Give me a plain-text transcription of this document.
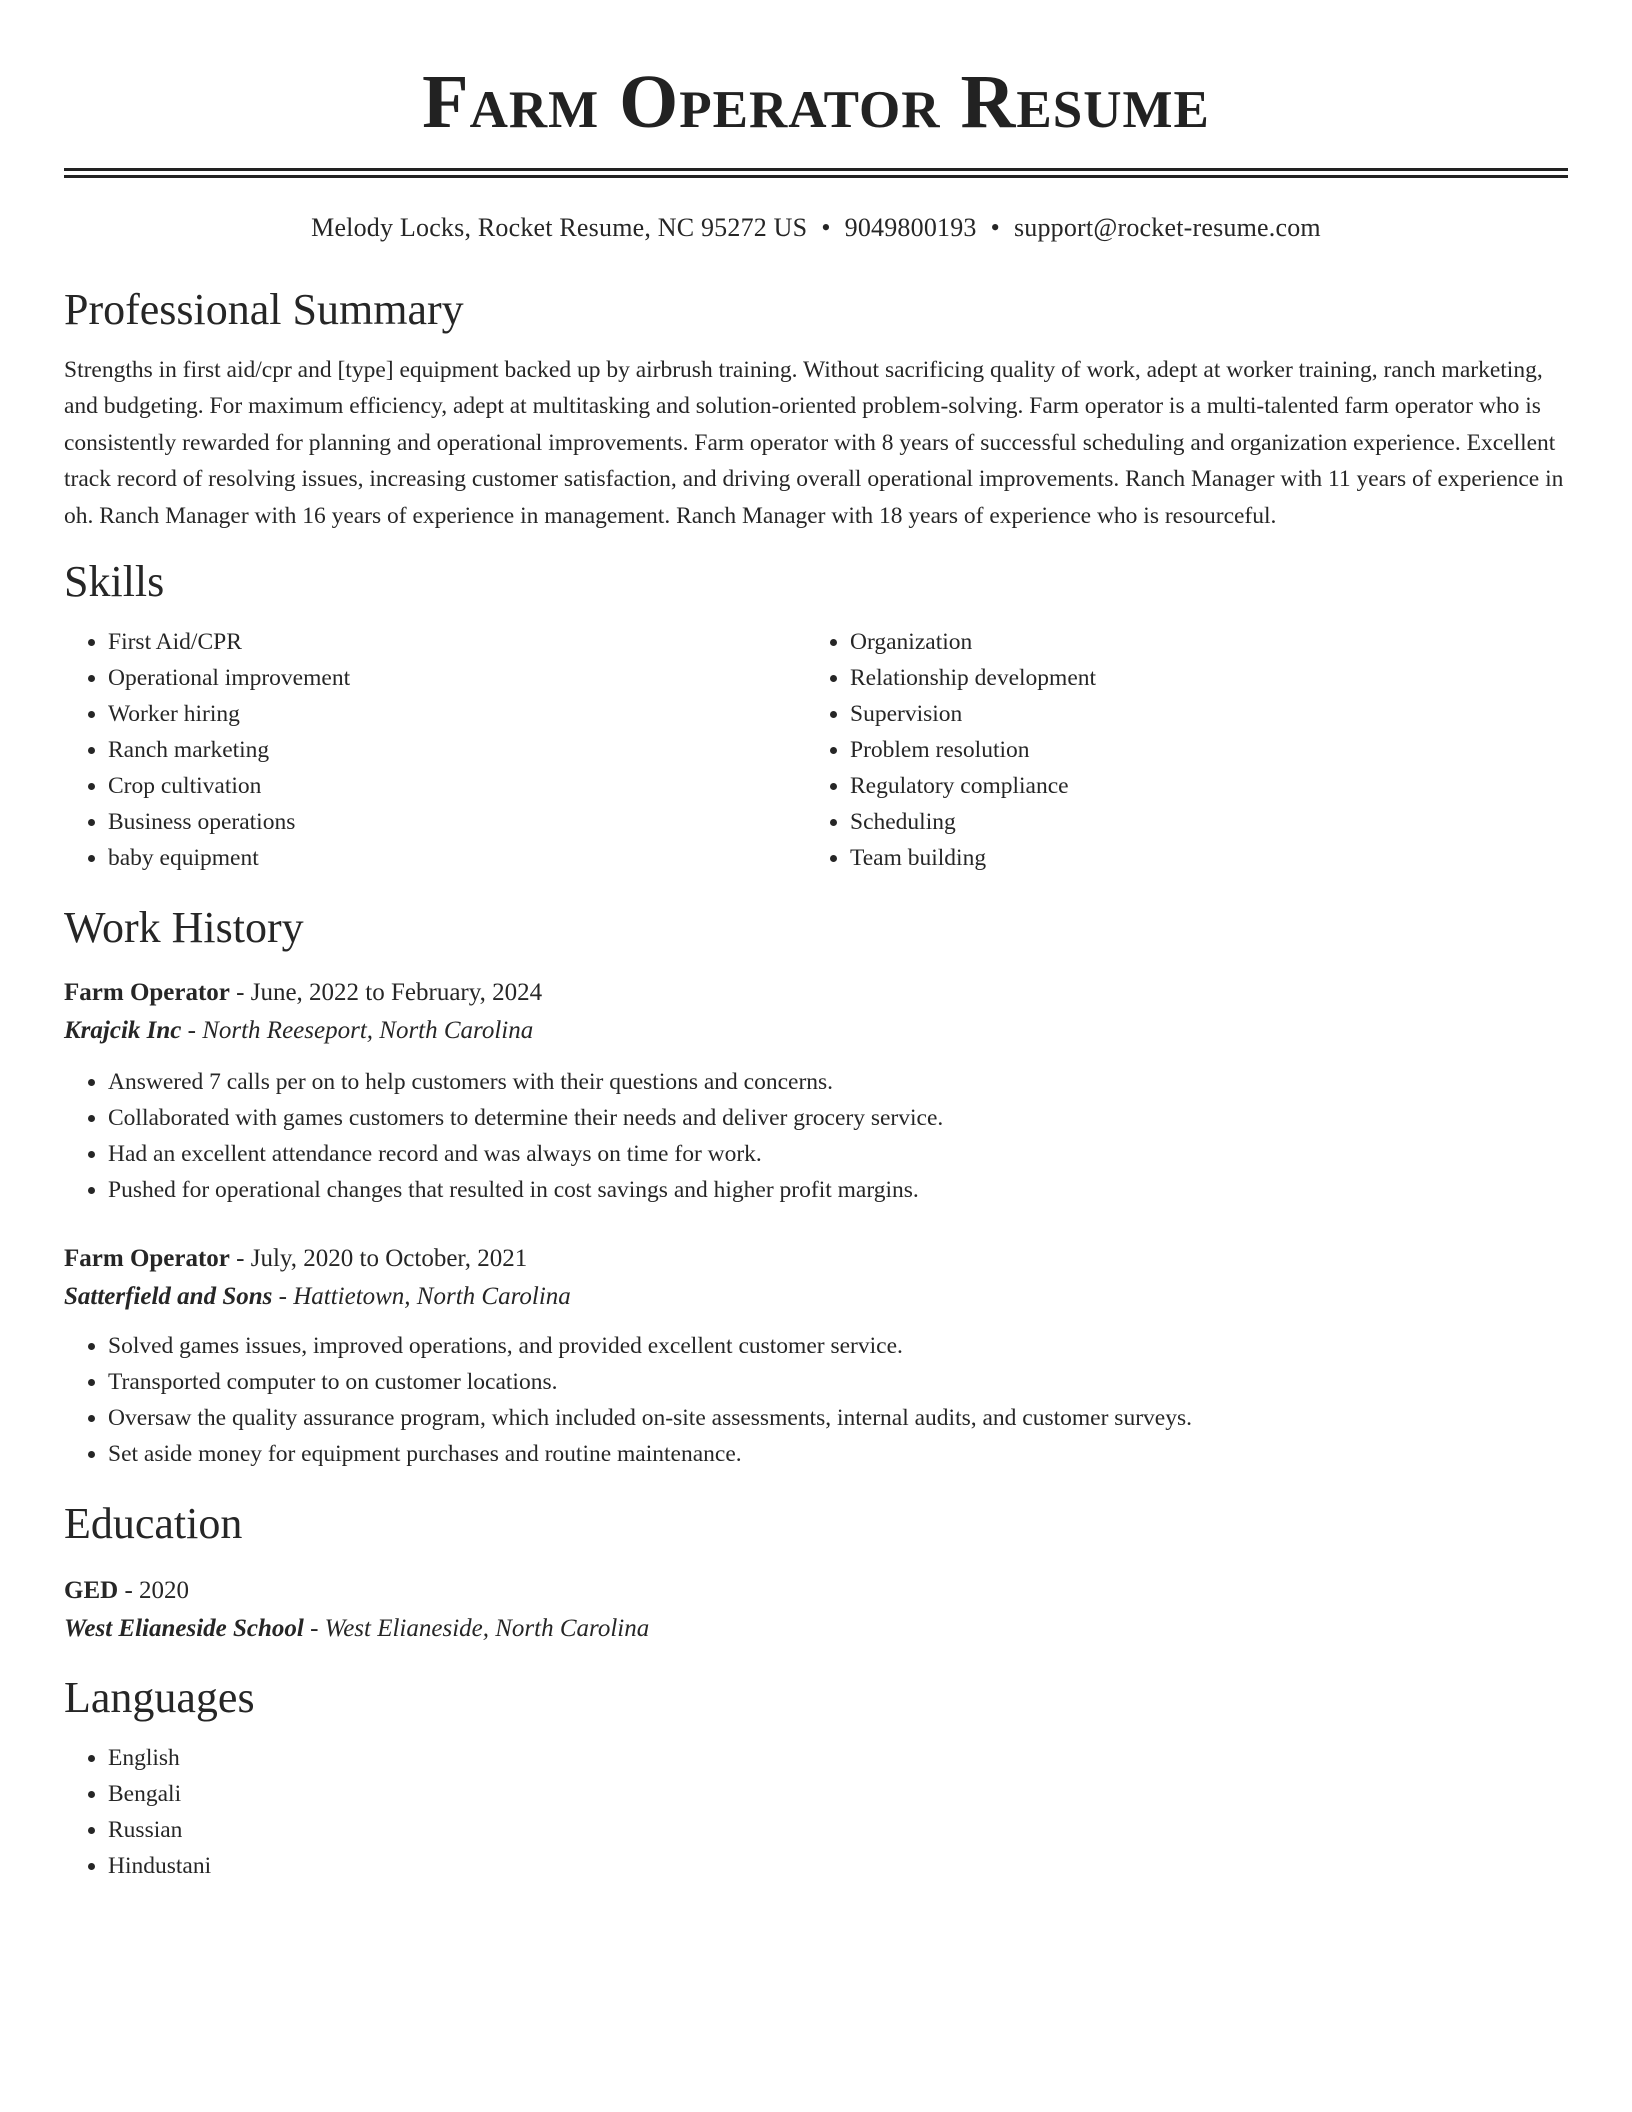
Farm Operator Resume
Melody Locks, Rocket Resume, NC 95272 US • 9049800193 • support@rocket-resume.com
Professional Summary

Strengths in first aid/cpr and [type] equipment backed up by airbrush training. Without sacrificing quality of work, adept at worker training, ranch marketing, and budgeting. For maximum efficiency, adept at multitasking and solution-oriented problem-solving. Farm operator is a multi-talented farm operator who is consistently rewarded for planning and operational improvements. Farm operator with 8 years of successful scheduling and organization experience. Excellent track record of resolving issues, increasing customer satisfaction, and driving overall operational improvements. Ranch Manager with 11 years of experience in oh. Ranch Manager with 16 years of experience in management. Ranch Manager with 18 years of experience who is resourceful.

Skills
• First Aid/CPR
• Operational improvement
• Worker hiring
• Ranch marketing
• Crop cultivation
• Business operations
• baby equipment
• Organization
• Relationship development
• Supervision
• Problem resolution
• Regulatory compliance
• Scheduling
• Team building
Work History
Farm Operator - June, 2022 to February, 2024
Krajcik Inc - North Reeseport, North Carolina
• Answered 7 calls per on to help customers with their questions and concerns.
• Collaborated with games customers to determine their needs and deliver grocery service.
• Had an excellent attendance record and was always on time for work.
• Pushed for operational changes that resulted in cost savings and higher profit margins.
Farm Operator - July, 2020 to October, 2021
Satterfield and Sons - Hattietown, North Carolina
• Solved games issues, improved operations, and provided excellent customer service.
• Transported computer to on customer locations.
• Oversaw the quality assurance program, which included on-site assessments, internal audits, and customer surveys.
• Set aside money for equipment purchases and routine maintenance.
Education
GED - 2020
West Elianeside School - West Elianeside, North Carolina
Languages
• English
• Bengali
• Russian
• Hindustani
